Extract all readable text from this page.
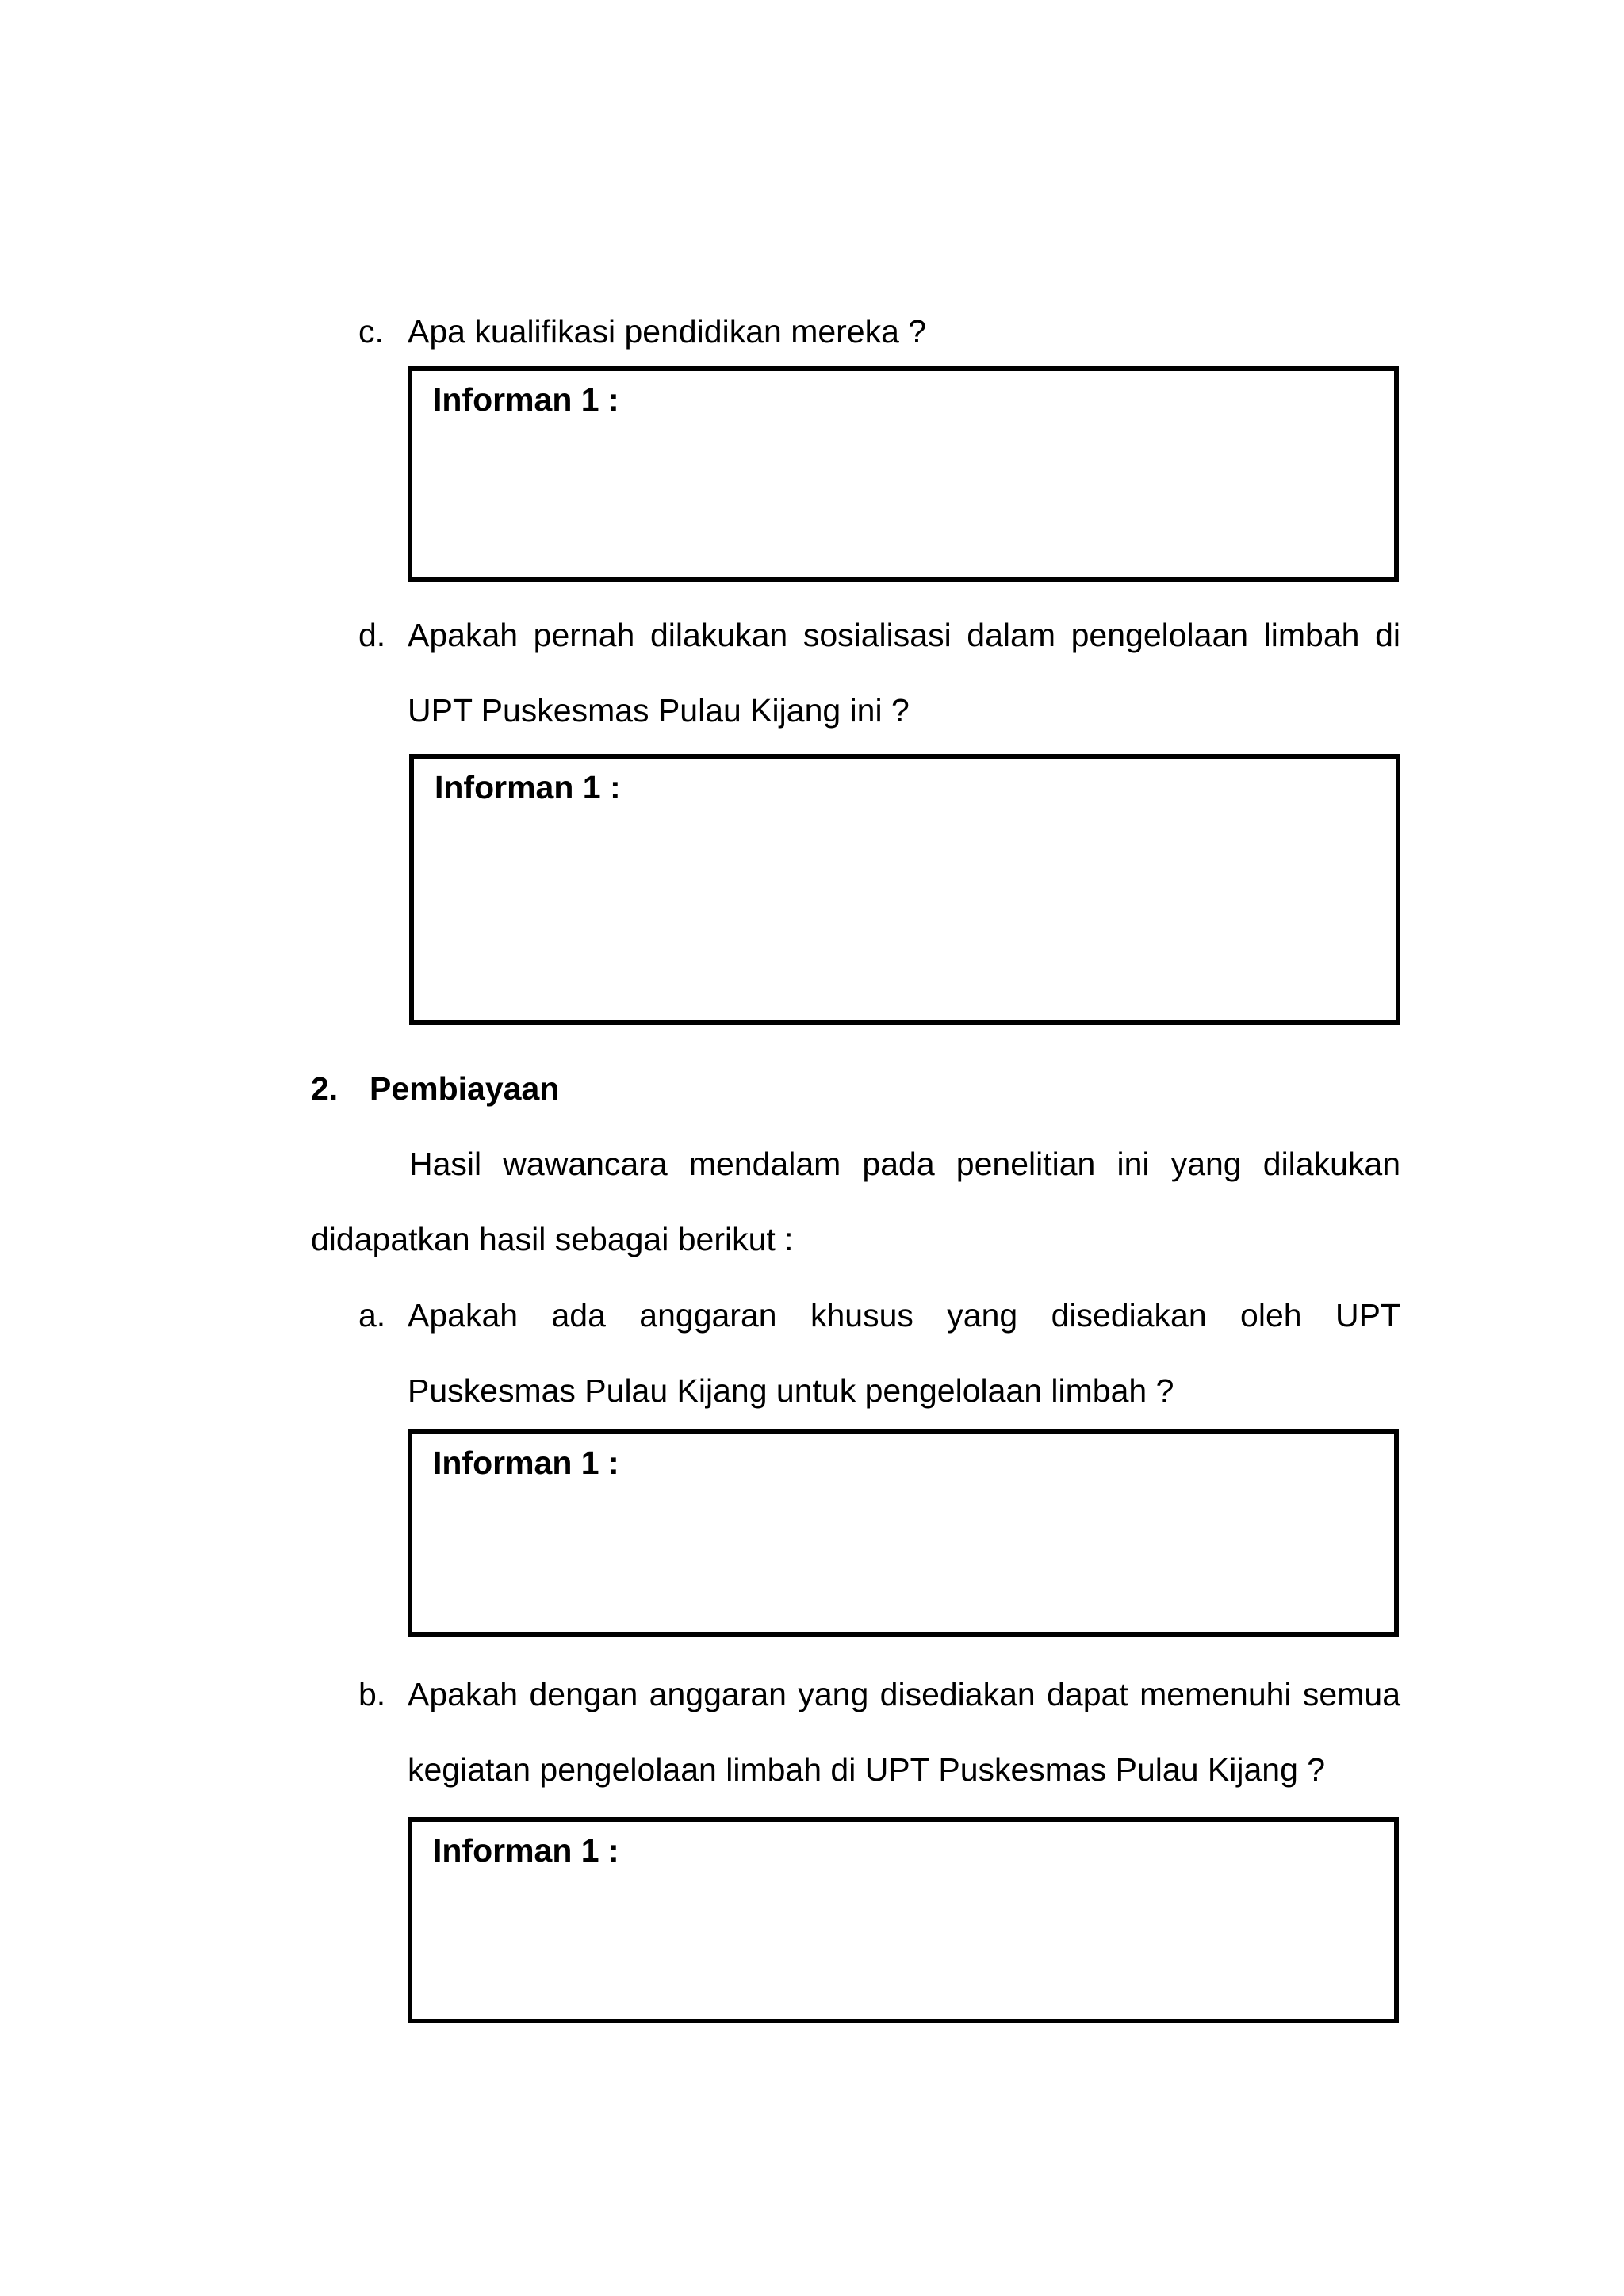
c. Apa kualifikasi pendidikan mereka ?
Informan 1 :
d. Apakah pernah dilakukan sosialisasi dalam pengelolaan limbah di
UPT Puskesmas Pulau Kijang ini ?
Informan 1 :
2. Pembiayaan
Hasil wawancara mendalam pada penelitian ini yang dilakukan
didapatkan hasil sebagai berikut :
a. Apakah ada anggaran khusus yang disediakan oleh UPT
Puskesmas Pulau Kijang untuk pengelolaan limbah ?
Informan 1 :
b. Apakah dengan anggaran yang disediakan dapat memenuhi semua
kegiatan pengelolaan limbah di UPT Puskesmas Pulau Kijang ?
Informan 1 :
